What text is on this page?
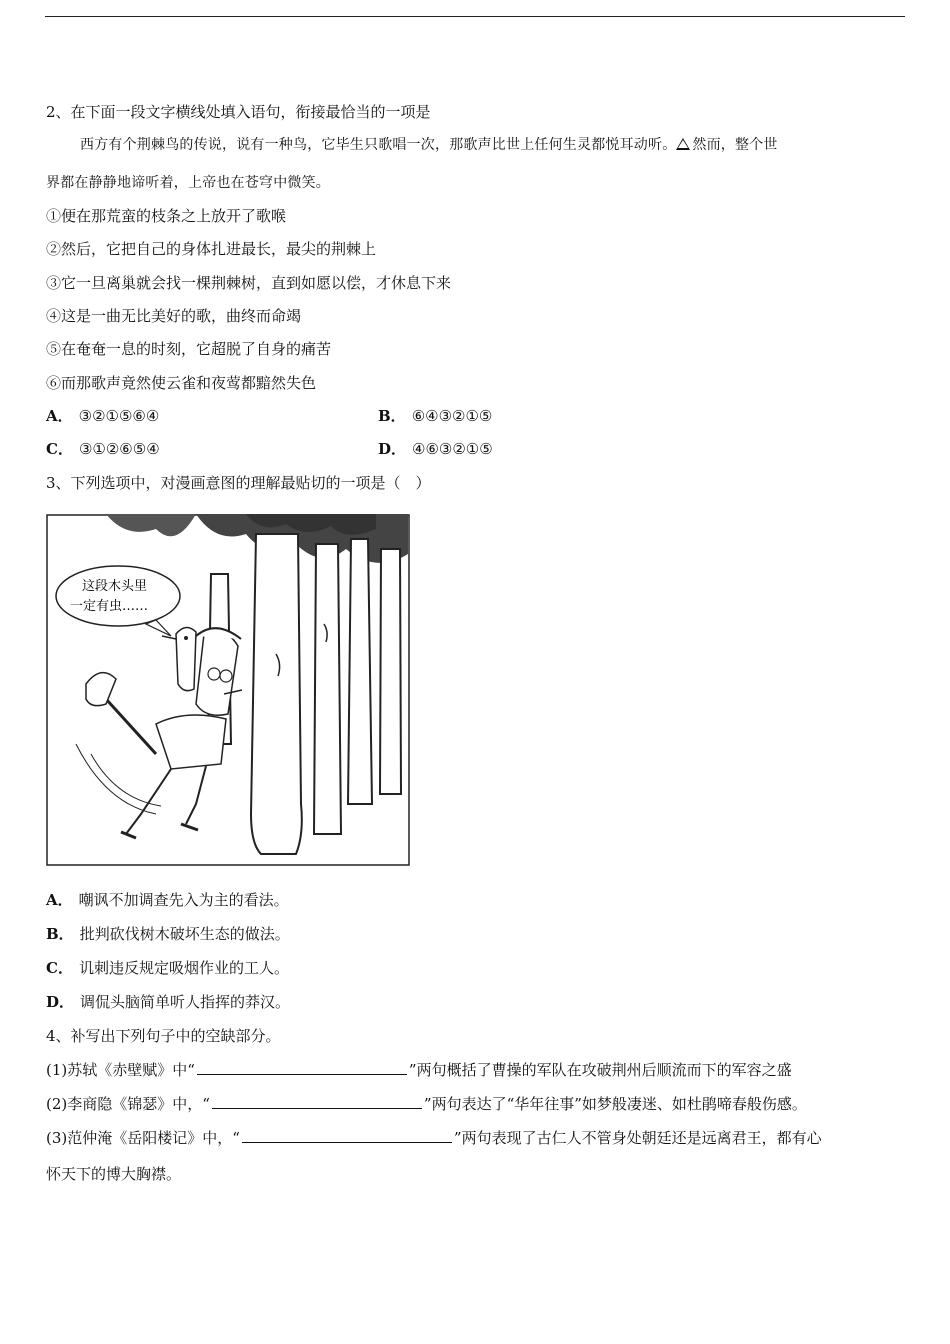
2、在下面一段文字横线处填入语句，衔接最恰当的一项是
西方有个荆棘鸟的传说，说有一种鸟，它毕生只歌唱一次，那歌声比世上任何生灵都悦耳动听。 然而，整个世
界都在静静地谛听着，上帝也在苍穹中微笑。
①便在那荒蛮的枝条之上放开了歌喉
②然后，它把自己的身体扎进最长，最尖的荆棘上
③它一旦离巢就会找一棵荆棘树，直到如愿以偿，才休息下来
④这是一曲无比美好的歌，曲终而命竭
⑤在奄奄一息的时刻，它超脱了自身的痛苦
⑥而那歌声竟然使云雀和夜莺都黯然失色
A． ③②①⑤⑥④	B． ⑥④③②①⑤
C． ③①②⑥⑤④	D． ④⑥③②①⑤
3、下列选项中，对漫画意图的理解最贴切的一项是（　）
这段木头里
一定有虫……
A． 嘲讽不加调查先入为主的看法。
B． 批判砍伐树木破坏生态的做法。
C． 讥刺违反规定吸烟作业的工人。
D． 调侃头脑简单听人指挥的莽汉。
4、补写出下列句子中的空缺部分。
(1)苏轼《赤壁赋》中“	”两句概括了曹操的军队在攻破荆州后顺流而下的军容之盛
(2)李商隐《锦瑟》中，“	”两句表达了“华年往事”如梦般凄迷、如杜鹃啼春般伤感。
(3)范仲淹《岳阳楼记》中，“	”两句表现了古仁人不管身处朝廷还是远离君王，都有心
怀天下的博大胸襟。
